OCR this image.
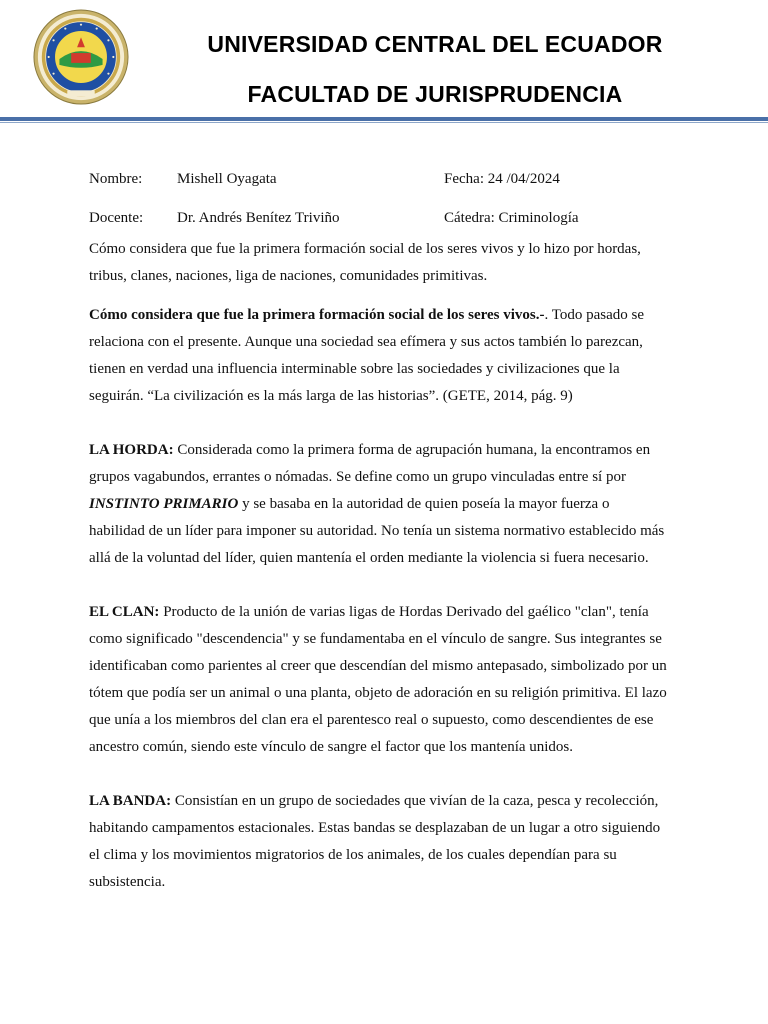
UNIVERSIDAD CENTRAL DEL ECUADOR
FACULTAD DE JURISPRUDENCIA
Nombre: Mishell Oyagata	Fecha: 24 /04/2024
Docente: Dr. Andrés Benítez Triviño	Cátedra: Criminología

Cómo considera que fue la primera formación social de los seres vivos y lo hizo por hordas, tribus, clanes, naciones, liga de naciones, comunidades primitivas.

Cómo considera que fue la primera formación social de los seres vivos.-. Todo pasado se relaciona con el presente. Aunque una sociedad sea efímera y sus actos también lo parezcan, tienen en verdad una influencia interminable sobre las sociedades y civilizaciones que la seguirán. “La civilización es la más larga de las historias”. (GETE, 2014, pág. 9)

LA HORDA: Considerada como la primera forma de agrupación humana, la encontramos en grupos vagabundos, errantes o nómadas. Se define como un grupo vinculadas entre sí por INSTINTO PRIMARIO y se basaba en la autoridad de quien poseía la mayor fuerza o habilidad de un líder para imponer su autoridad. No tenía un sistema normativo establecido más allá de la voluntad del líder, quien mantenía el orden mediante la violencia si fuera necesario.

EL CLAN: Producto de la unión de varias ligas de Hordas Derivado del gaélico "clan", tenía como significado "descendencia" y se fundamentaba en el vínculo de sangre. Sus integrantes se identificaban como parientes al creer que descendían del mismo antepasado, simbolizado por un tótem que podía ser un animal o una planta, objeto de adoración en su religión primitiva. El lazo que unía a los miembros del clan era el parentesco real o supuesto, como descendientes de ese ancestro común, siendo este vínculo de sangre el factor que los mantenía unidos.

LA BANDA: Consistían en un grupo de sociedades que vivían de la caza, pesca y recolección, habitando campamentos estacionales. Estas bandas se desplazaban de un lugar a otro siguiendo el clima y los movimientos migratorios de los animales, de los cuales dependían para su subsistencia.
